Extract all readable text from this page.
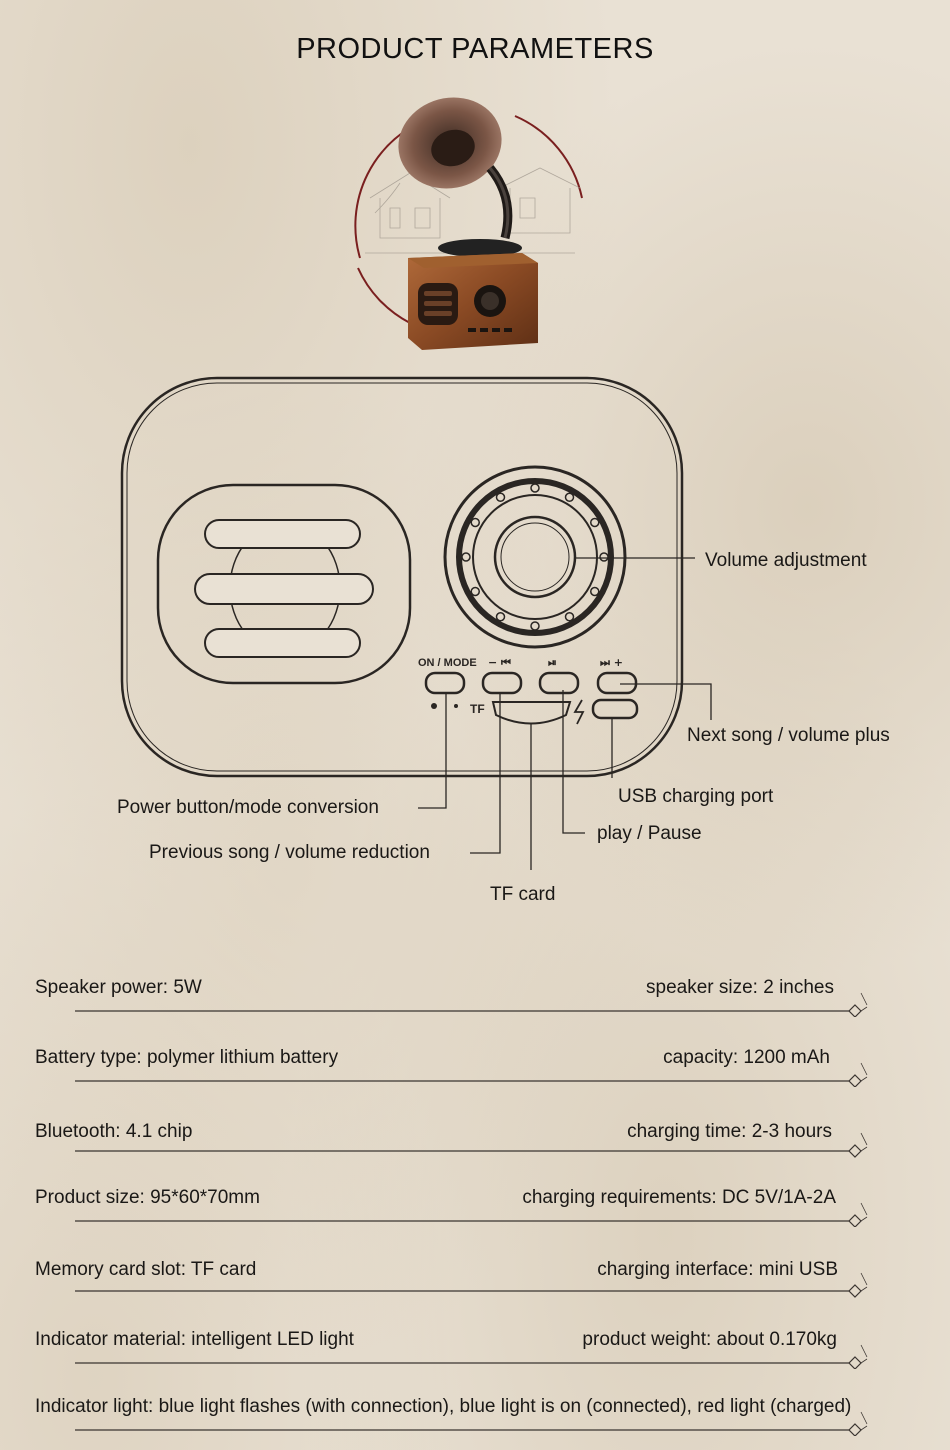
PRODUCT PARAMETERS
ON / MODE − ⏮	⏯	⏭ +
TF
Volume adjustment
Next song / volume plus
USB charging port
play / Pause
Power button/mode conversion
Previous song / volume reduction
TF card
Speaker power: 5W	speaker size: 2 inches
Battery type: polymer lithium battery	capacity: 1200 mAh
Bluetooth: 4.1 chip	charging time: 2-3 hours
Product size: 95*60*70mm	charging requirements: DC 5V/1A-2A
Memory card slot: TF card	charging interface: mini USB
Indicator material: intelligent LED light	product weight: about 0.170kg
Indicator light: blue light flashes (with connection), blue light is on (connected), red light (charged)
